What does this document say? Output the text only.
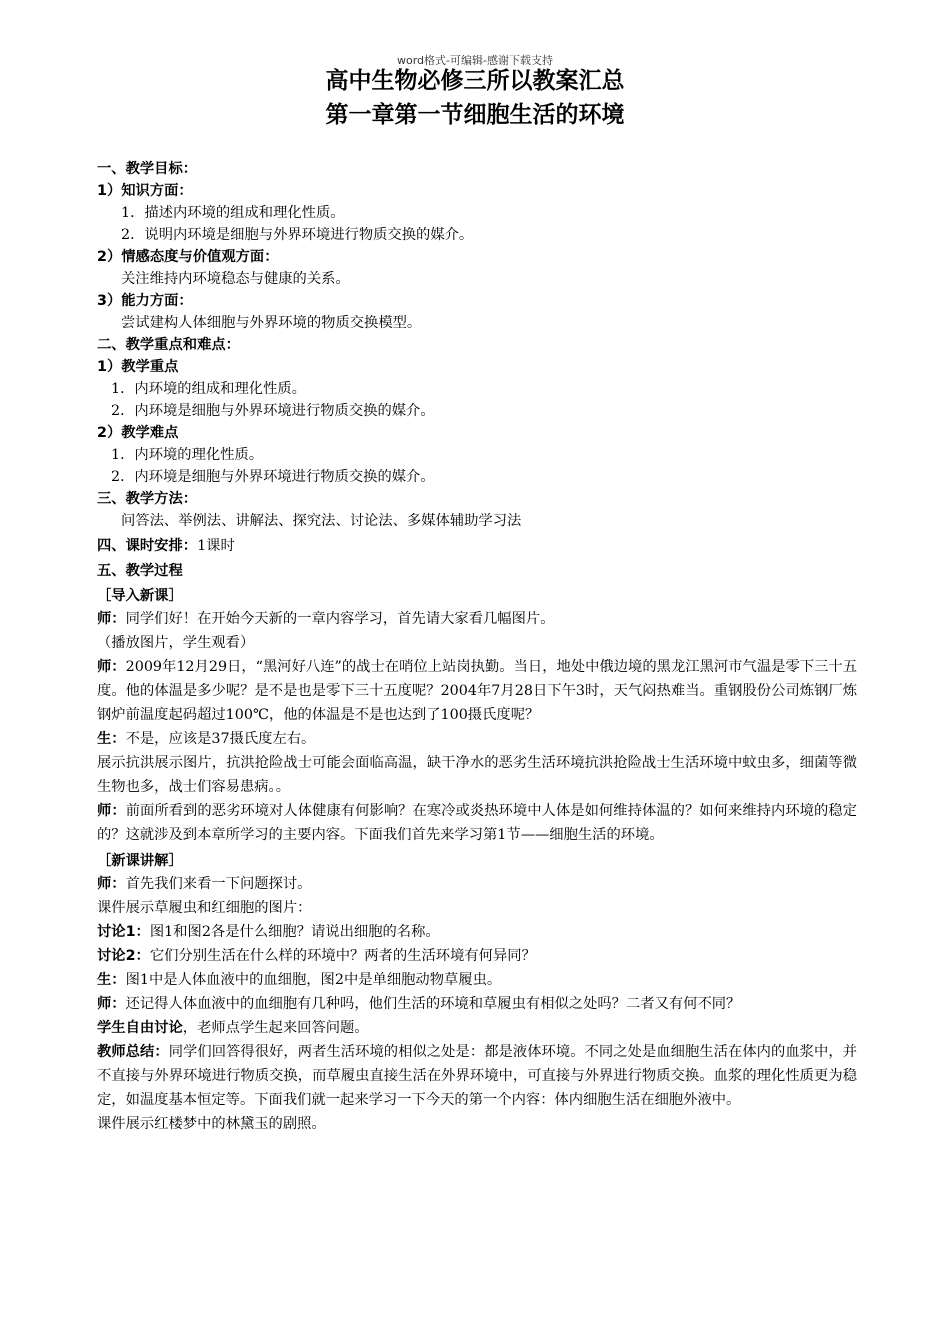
word格式-可编辑-感谢下载支持
高中生物必修三所以教案汇总
第一章第一节细胞生活的环境

一、教学目标：

1）知识方面：

1．描述内环境的组成和理化性质。

2．说明内环境是细胞与外界环境进行物质交换的媒介。

2）情感态度与价值观方面：

关注维持内环境稳态与健康的关系。

3）能力方面：

尝试建构人体细胞与外界环境的物质交换模型。

二、教学重点和难点：

1）教学重点

1．内环境的组成和理化性质。

2．内环境是细胞与外界环境进行物质交换的媒介。

2）教学难点

1．内环境的理化性质。

2．内环境是细胞与外界环境进行物质交换的媒介。

三、教学方法：

问答法、举例法、讲解法、探究法、讨论法、多媒体辅助学习法

四、课时安排：1课时

五、教学过程

［导入新课］

师：同学们好！在开始今天新的一章内容学习，首先请大家看几幅图片。

（播放图片，学生观看）

师：2009年12月29日，“黑河好八连”的战士在哨位上站岗执勤。当日，地处中俄边境的黑龙江黑河市气温是零下三十五度。他的体温是多少呢？是不是也是零下三十五度呢？2004年7月28日下午3时，天气闷热难当。重钢股份公司炼钢厂炼钢炉前温度起码超过100℃，他的体温是不是也达到了100摄氏度呢？

生：不是，应该是37摄氏度左右。

展示抗洪展示图片，抗洪抢险战士可能会面临高温，缺干净水的恶劣生活环境抗洪抢险战士生活环境中蚊虫多，细菌等微生物也多，战士们容易患病。。

师：前面所看到的恶劣环境对人体健康有何影响？在寒冷或炎热环境中人体是如何维持体温的？如何来维持内环境的稳定的？这就涉及到本章所学习的主要内容。下面我们首先来学习第1节——细胞生活的环境。

［新课讲解］

师：首先我们来看一下问题探讨。

课件展示草履虫和红细胞的图片：

讨论1：图1和图2各是什么细胞？请说出细胞的名称。

讨论2：它们分别生活在什么样的环境中？两者的生活环境有何异同？

生：图1中是人体血液中的血细胞，图2中是单细胞动物草履虫。

师：还记得人体血液中的血细胞有几种吗，他们生活的环境和草履虫有相似之处吗？二者又有何不同？

学生自由讨论，老师点学生起来回答问题。

教师总结：同学们回答得很好，两者生活环境的相似之处是：都是液体环境。不同之处是血细胞生活在体内的血浆中，并不直接与外界环境进行物质交换，而草履虫直接生活在外界环境中，可直接与外界进行物质交换。血浆的理化性质更为稳定，如温度基本恒定等。下面我们就一起来学习一下今天的第一个内容：体内细胞生活在细胞外液中。

课件展示红楼梦中的林黛玉的剧照。
